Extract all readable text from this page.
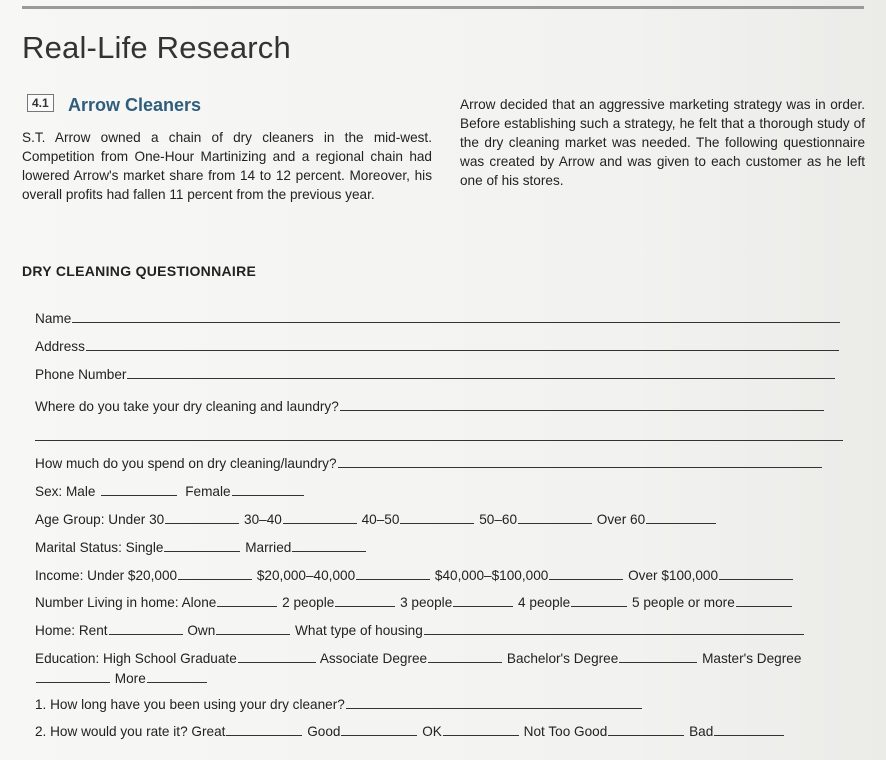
Real-Life Research
4.1 Arrow Cleaners

S.T. Arrow owned a chain of dry cleaners in the mid-west. Competition from One-Hour Martinizing and a regional chain had lowered Arrow's market share from 14 to 12 percent. Moreover, his overall profits had fallen 11 percent from the previous year.

Arrow decided that an aggressive marketing strategy was in order. Before establishing such a strategy, he felt that a thorough study of the dry cleaning market was needed. The following questionnaire was created by Arrow and was given to each customer as he left one of his stores.

DRY CLEANING QUESTIONNAIRE
Name
Address
Phone Number
Where do you take your dry cleaning and laundry?
How much do you spend on dry cleaning/laundry?
Sex: Male	Female
Age Group: Under 30	30–40	40–50	50–60	Over 60
Marital Status: Single	Married
Income: Under $20,000	$20,000–40,000	$40,000–$100,000	Over $100,000
Number Living in home: Alone	2 people	3 people	4 people	5 people or more
Home: Rent	Own	What type of housing
Education: High School Graduate	Associate Degree	Bachelor's Degree	Master's Degree
More
1. How long have you been using your dry cleaner?
2. How would you rate it? Great	Good	OK	Not Too Good	Bad
